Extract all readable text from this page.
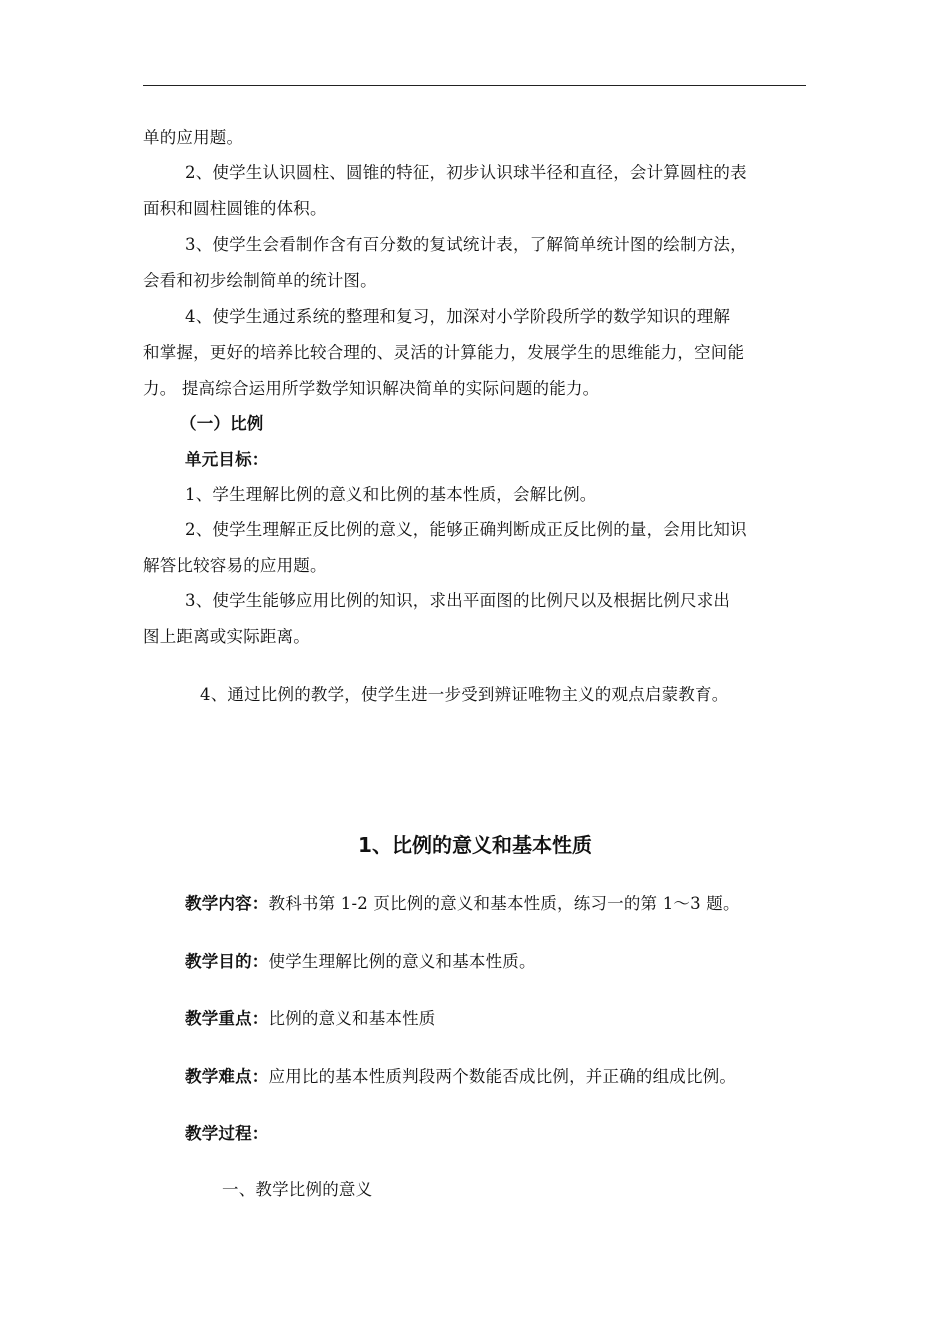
单的应用题。
2、使学生认识圆柱、圆锥的特征，初步认识球半径和直径，会计算圆柱的表
面积和圆柱圆锥的体积。
3、使学生会看制作含有百分数的复试统计表，了解简单统计图的绘制方法，
会看和初步绘制简单的统计图。
4、使学生通过系统的整理和复习，加深对小学阶段所学的数学知识的理解
和掌握，更好的培养比较合理的、灵活的计算能力，发展学生的思维能力，空间能
力。 提高综合运用所学数学知识解决简单的实际问题的能力。
（一）比例
单元目标：
1、学生理解比例的意义和比例的基本性质，会解比例。
2、使学生理解正反比例的意义，能够正确判断成正反比例的量，会用比知识
解答比较容易的应用题。
3、使学生能够应用比例的知识，求出平面图的比例尺以及根据比例尺求出
图上距离或实际距离。
4、通过比例的教学，使学生进一步受到辨证唯物主义的观点启蒙教育。
1、比例的意义和基本性质
教学内容：教科书第 1-2 页比例的意义和基本性质，练习一的第 1～3 题。
教学目的：使学生理解比例的意义和基本性质。
教学重点：比例的意义和基本性质
教学难点：应用比的基本性质判段两个数能否成比例，并正确的组成比例。
教学过程：
一、教学比例的意义
